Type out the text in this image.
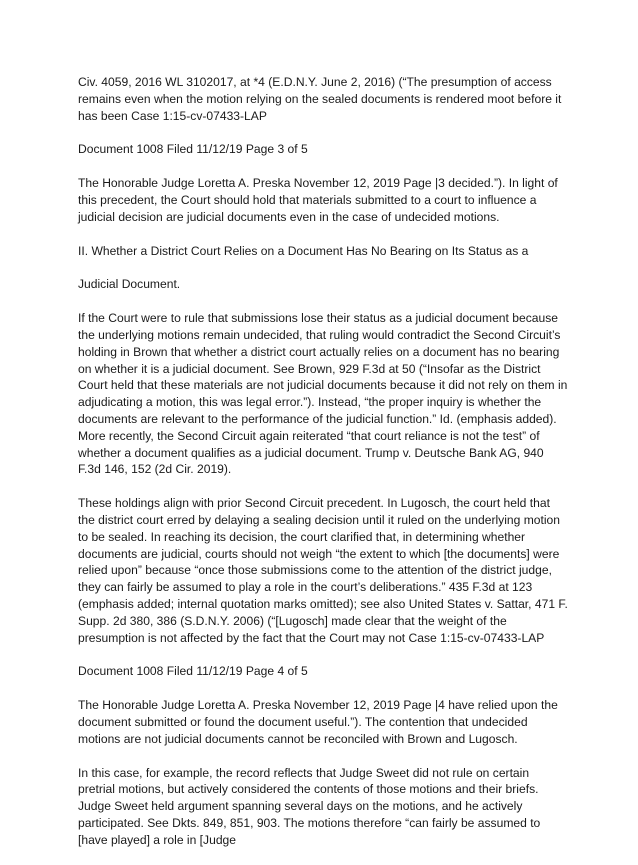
Civ. 4059, 2016 WL 3102017, at *4 (E.D.N.Y. June 2, 2016) (“The presumption of access remains even when the motion relying on the sealed documents is rendered moot before it has been Case 1:15-cv-07433-LAP

Document 1008 Filed 11/12/19 Page 3 of 5

The Honorable Judge Loretta A. Preska November 12, 2019 Page |3 decided.”). In light of this precedent, the Court should hold that materials submitted to a court to influence a judicial decision are judicial documents even in the case of undecided motions.

II. Whether a District Court Relies on a Document Has No Bearing on Its Status as a

Judicial Document.

If the Court were to rule that submissions lose their status as a judicial document because the underlying motions remain undecided, that ruling would contradict the Second Circuit’s holding in Brown that whether a district court actually relies on a document has no bearing on whether it is a judicial document. See Brown, 929 F.3d at 50 (“Insofar as the District Court held that these materials are not judicial documents because it did not rely on them in adjudicating a motion, this was legal error.”). Instead, “the proper inquiry is whether the documents are relevant to the performance of the judicial function.” Id. (emphasis added). More recently, the Second Circuit again reiterated “that court reliance is not the test” of whether a document qualifies as a judicial document. Trump v. Deutsche Bank AG, 940 F.3d 146, 152 (2d Cir. 2019).

These holdings align with prior Second Circuit precedent. In Lugosch, the court held that the district court erred by delaying a sealing decision until it ruled on the underlying motion to be sealed. In reaching its decision, the court clarified that, in determining whether documents are judicial, courts should not weigh “the extent to which [the documents] were relied upon” because “once those submissions come to the attention of the district judge, they can fairly be assumed to play a role in the court’s deliberations.” 435 F.3d at 123 (emphasis added; internal quotation marks omitted); see also United States v. Sattar, 471 F. Supp. 2d 380, 386 (S.D.N.Y. 2006) (“[Lugosch] made clear that the weight of the presumption is not affected by the fact that the Court may not Case 1:15-cv-07433-LAP

Document 1008 Filed 11/12/19 Page 4 of 5

The Honorable Judge Loretta A. Preska November 12, 2019 Page |4 have relied upon the document submitted or found the document useful.”). The contention that undecided motions are not judicial documents cannot be reconciled with Brown and Lugosch.

In this case, for example, the record reflects that Judge Sweet did not rule on certain pretrial motions, but actively considered the contents of those motions and their briefs. Judge Sweet held argument spanning several days on the motions, and he actively participated. See Dkts. 849, 851, 903. The motions therefore “can fairly be assumed to [have played] a role in [Judge
